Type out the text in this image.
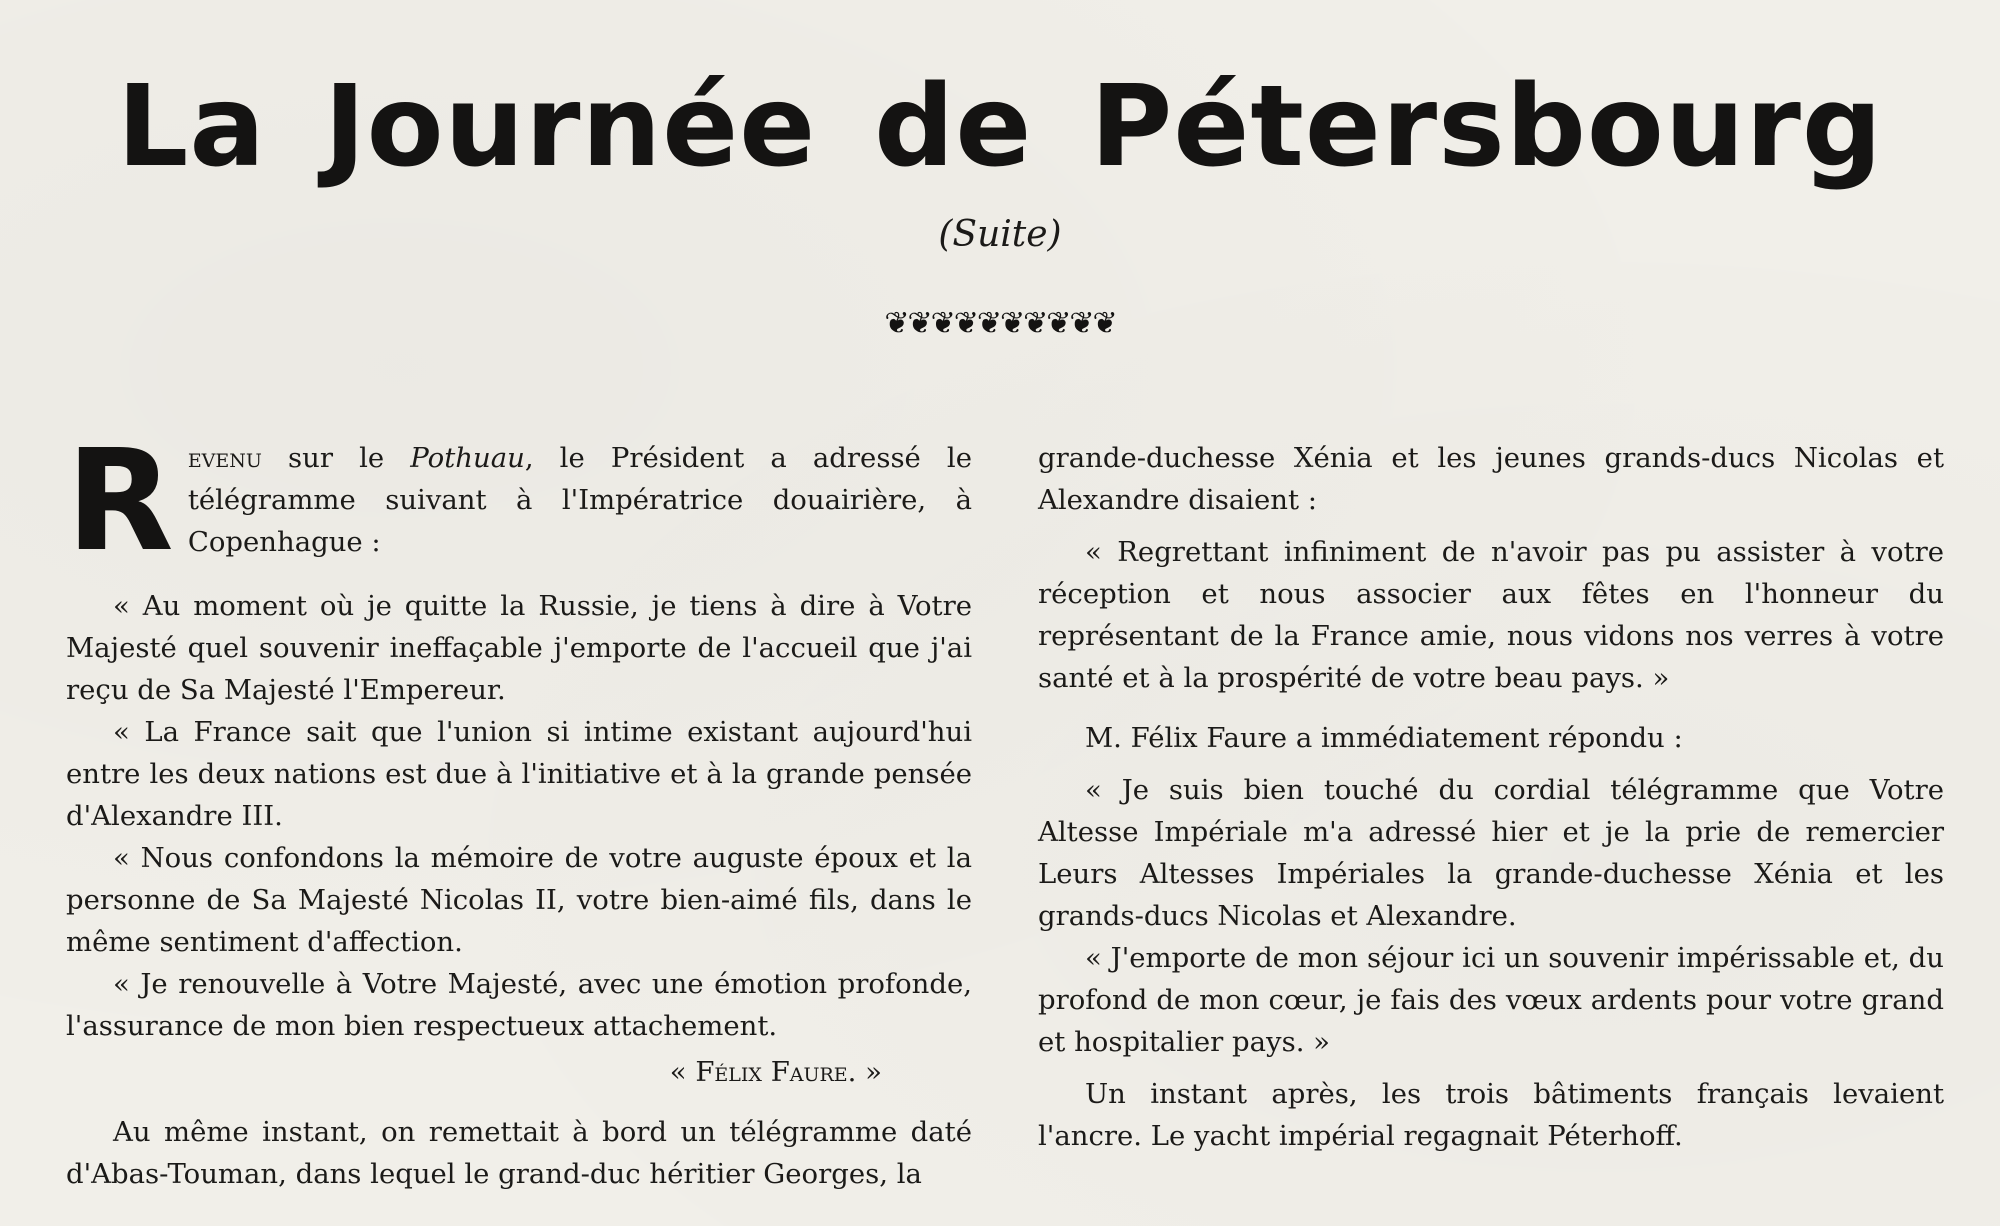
La Journée de Pétersbourg
(Suite)
❦❦❦❦❦❦❦❦❦❦

Revenu sur le Pothuau, le Président a adressé le télégramme suivant à l'Impératrice douairière, à Copenhague :

« Au moment où je quitte la Russie, je tiens à dire à Votre Majesté quel souvenir ineffaçable j'emporte de l'accueil que j'ai reçu de Sa Majesté l'Empereur.

« La France sait que l'union si intime existant aujourd'hui entre les deux nations est due à l'initiative et à la grande pensée d'Alexandre III.

« Nous confondons la mémoire de votre auguste époux et la personne de Sa Majesté Nicolas II, votre bien-aimé fils, dans le même sentiment d'affection.

« Je renouvelle à Votre Majesté, avec une émotion profonde, l'assurance de mon bien respectueux attachement.

« Félix Faure. »

Au même instant, on remettait à bord un télégramme daté d'Abas-Touman, dans lequel le grand-duc héritier Georges, la

grande-duchesse Xénia et les jeunes grands-ducs Nicolas et Alexandre disaient :

« Regrettant infiniment de n'avoir pas pu assister à votre réception et nous associer aux fêtes en l'honneur du représentant de la France amie, nous vidons nos verres à votre santé et à la prospérité de votre beau pays. »

M. Félix Faure a immédiatement répondu :

« Je suis bien touché du cordial télégramme que Votre Altesse Impériale m'a adressé hier et je la prie de remercier Leurs Altesses Impériales la grande-duchesse Xénia et les grands-ducs Nicolas et Alexandre.

« J'emporte de mon séjour ici un souvenir impérissable et, du profond de mon cœur, je fais des vœux ardents pour votre grand et hospitalier pays. »

Un instant après, les trois bâtiments français levaient l'ancre. Le yacht impérial regagnait Péterhoff.
